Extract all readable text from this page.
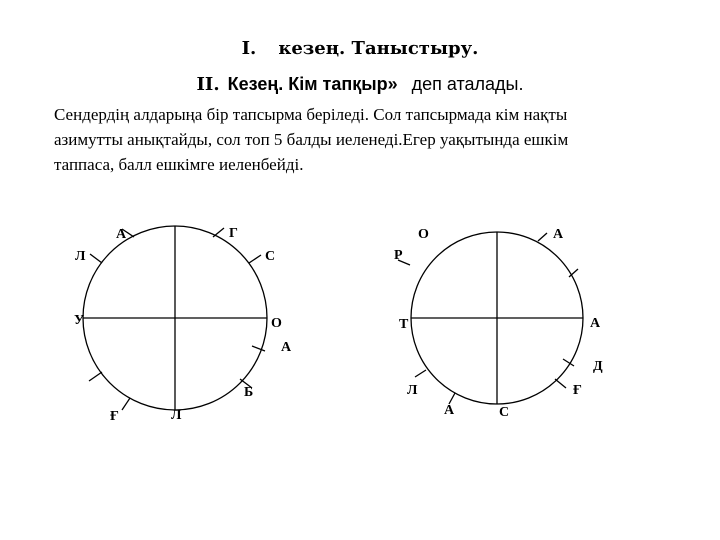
I. кезең. Таныстыру.
II. Кезең. Кім тапқыр» деп аталады.
Сендердің алдарыңа бір тапсырма беріледі. Сол тапсырмада кім нақты
азимутты анықтайды, сол топ 5 балды иеленеді.Егер уақытында ешкім
таппаса, балл ешкімге иеленбейді.
А	Г
Л	С
У	О
А
Б
Л
Ғ
О	А
Р
Т	А
Д
Ғ
Л
А	С
